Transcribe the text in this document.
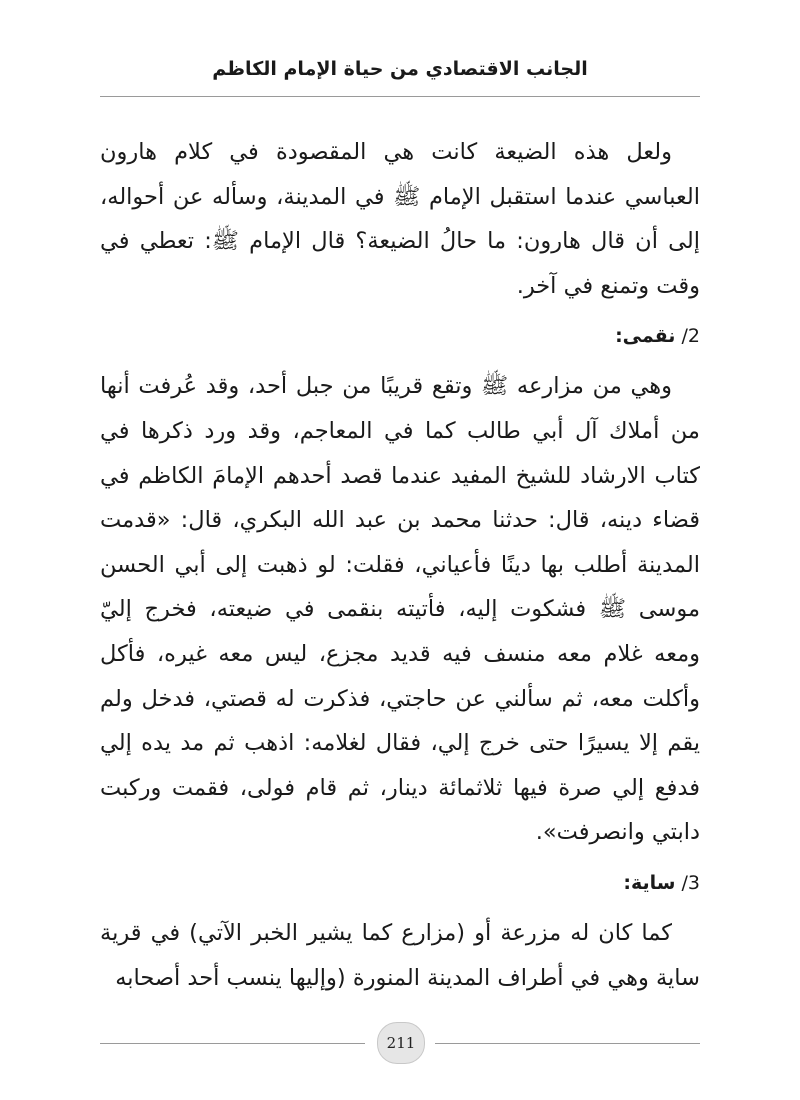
الجانب الاقتصادي من حياة الإمام الكاظم

ولعل هذه الضيعة كانت هي المقصودة في كلام هارون العباسي عندما استقبل الإمام ﷺ في المدينة، وسأله عن أحواله، إلى أن قال هارون: ما حالُ الضيعة؟ قال الإمام ﷺ: تعطي في وقت وتمنع في آخر.

2/ نقمى:

وهي من مزارعه ﷺ وتقع قريبًا من جبل أحد، وقد عُرفت أنها من أملاك آل أبي طالب كما في المعاجم، وقد ورد ذكرها في كتاب الارشاد للشيخ المفيد عندما قصد أحدهم الإمامَ الكاظم في قضاء دينه، قال: حدثنا محمد بن عبد الله البكري، قال: «قدمت المدينة أطلب بها دينًا فأعياني، فقلت: لو ذهبت إلى أبي الحسن موسى ﷺ فشكوت إليه، فأتيته بنقمى في ضيعته، فخرج إليّ ومعه غلام معه منسف فيه قديد مجزع، ليس معه غيره، فأكل وأكلت معه، ثم سألني عن حاجتي، فذكرت له قصتي، فدخل ولم يقم إلا يسيرًا حتى خرج إلي، فقال لغلامه: اذهب ثم مد يده إلي فدفع إلي صرة فيها ثلاثمائة دينار، ثم قام فولى، فقمت وركبت دابتي وانصرفت».

3/ ساية:

كما كان له مزرعة أو (مزارع كما يشير الخبر الآتي) في قرية ساية وهي في أطراف المدينة المنورة (وإليها ينسب أحد أصحابه

211
